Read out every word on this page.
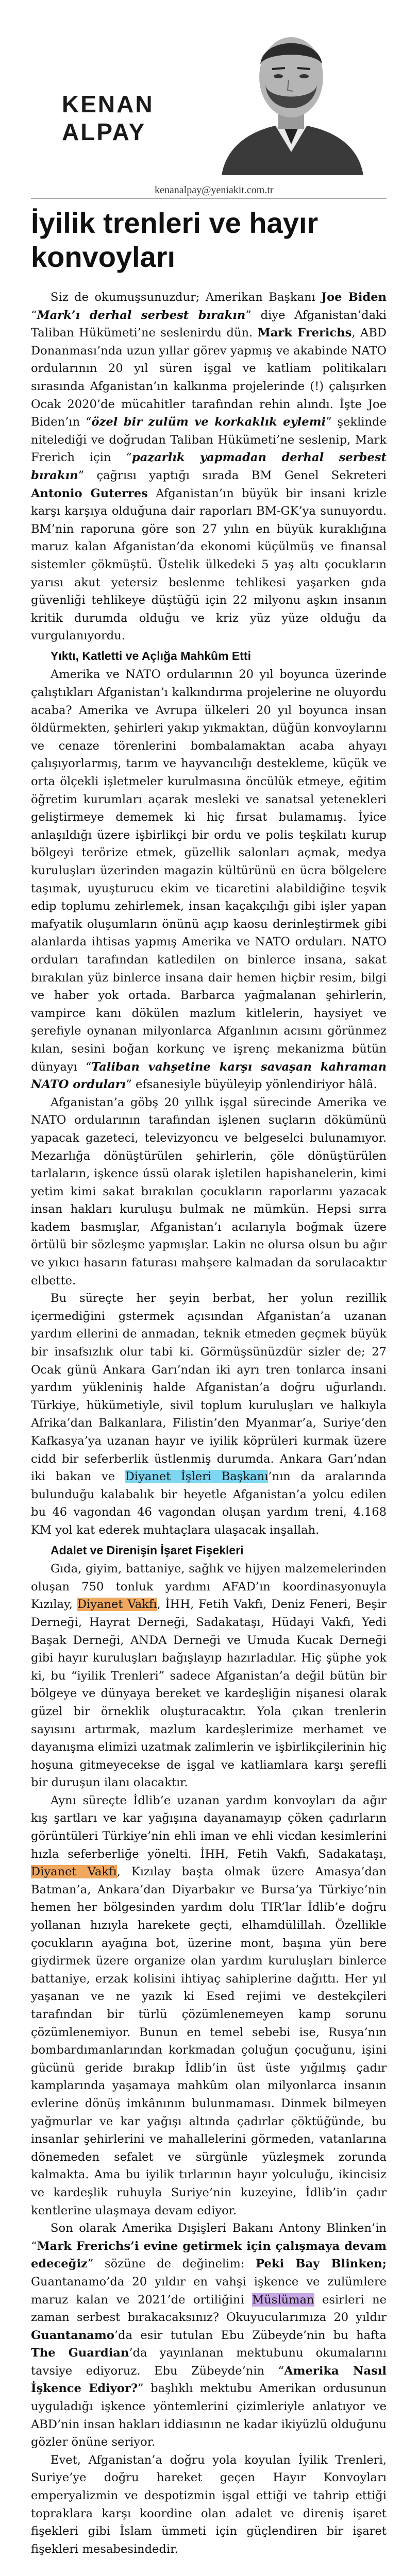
KENAN
ALPAY
kenanalpay@yeniakit.com.tr
İyilik trenleri ve hayır konvoyları

Siz de okumuşsunuzdur; Amerikan Başkanı Joe Biden “Mark’ı derhal serbest bırakın” diye Afganistan’daki Taliban Hükümeti’ne seslenirdu dün. Mark Frerichs, ABD Donanması’nda uzun yıllar görev yapmış ve akabinde NATO ordularının 20 yıl süren işgal ve katliam politikaları sırasında Afganistan’ın kalkınma projelerinde (!) çalışırken Ocak 2020’de mücahitler tarafından rehin alındı. İşte Joe Biden’ın “özel bir zulüm ve korkaklık eylemi” şeklinde nitelediği ve doğrudan Taliban Hükümeti’ne seslenip, Mark Frerich için “pazarlık yapmadan derhal serbest bırakın” çağrısı yaptığı sırada BM Genel Sekreteri Antonio Guterres Afganistan’ın büyük bir insani krizle karşı karşıya olduğuna dair raporları BM-GK’ya sunuyordu. BM’nin raporuna göre son 27 yılın en büyük kuraklığına maruz kalan Afganistan’da ekonomi küçülmüş ve finansal sistemler çökmüştü. Üstelik ülkedeki 5 yaş altı çocukların yarısı akut yetersiz beslenme tehlikesi yaşarken gıda güvenliği tehlikeye düştüğü için 22 milyonu aşkın insanın kritik durumda olduğu ve kriz yüz yüze olduğu da vurgulanıyordu.

Yıktı, Katletti ve Açlığa Mahkûm Etti

Amerika ve NATO ordularının 20 yıl boyunca üzerinde çalıştıkları Afganistan’ı kalkındırma projelerine ne oluyordu acaba? Amerika ve Avrupa ülkeleri 20 yıl boyunca insan öldürmekten, şehirleri yakıp yıkmaktan, düğün konvoylarını ve cenaze törenlerini bombalamaktan acaba ahyayı çalışıyorlarmış, tarım ve hayvancılığı destekleme, küçük ve orta ölçekli işletmeler kurulmasına öncülük etmeye, eğitim öğretim kurumları açarak mesleki ve sanatsal yetenekleri geliştirmeye dememek ki hiç fırsat bulamamış. İyice anlaşıldığı üzere işbirlikçi bir ordu ve polis teşkilatı kurup bölgeyi terörize etmek, güzellik salonları açmak, medya kuruluşları üzerinden magazin kültürünü en ücra bölgelere taşımak, uyuşturucu ekim ve ticaretini alabildiğine teşvik edip toplumu zehirlemek, insan kaçakçılığı gibi işler yapan mafyatik oluşumların önünü açıp kaosu derinleştirmek gibi alanlarda ihtisas yapmış Amerika ve NATO orduları. NATO orduları tarafından katledilen on binlerce insana, sakat bırakılan yüz binlerce insana dair hemen hiçbir resim, bilgi ve haber yok ortada. Barbarca yağmalanan şehirlerin, vampirce kanı dökülen mazlum kitlelerin, haysiyet ve şerefiyle oynanan milyonlarca Afganlının acısını görünmez kılan, sesini boğan korkunç ve işrenç mekanizma bütün dünyayı “Taliban vahşetine karşı savaşan kahraman NATO orduları” efsanesiyle büyüleyip yönlendiriyor hâlâ.

Afganistan’a göbş 20 yıllık işgal sürecinde Amerika ve NATO ordularının tarafından işlenen suçların dökümünü yapacak gazeteci, televizyoncu ve belgeselci bulunamıyor. Mezarlığa dönüştürülen şehirlerin, çöle dönüştürülen tarlaların, işkence ússü olarak işletilen hapishanelerin, kimi yetim kimi sakat bırakılan çocukların raporlarını yazacak insan hakları kuruluşu bulmak ne mümkün. Hepsi sırra kadem basmışlar, Afganistan’ı acılarıyla boğmak üzere örtülü bir sözleşme yapmışlar. Lakin ne olursa olsun bu ağır ve yıkıcı hasarın faturası mahşere kalmadan da sorulacaktır elbette.

Bu süreçte her şeyin berbat, her yolun rezillik içermediğini gstermek açısından Afganistan’a uzanan yardım ellerini de anmadan, teknik etmeden geçmek büyük bir insafsızlık olur tabi ki. Görmüşsünüzdür sizler de; 27 Ocak günü Ankara Garı’ndan iki ayrı tren tonlarca insani yardım yükleniniş halde Afganistan’a doğru uğurlandı. Türkiye, hükümetiyle, sivil toplum kuruluşları ve halkıyla Afrika’dan Balkanlara, Filistin’den Myanmar’a, Suriye’den Kafkasya’ya uzanan hayır ve iyilik köprüleri kurmak üzere cidd bir seferberlik üstlenmiş durumda. Ankara Garı’ndan iki bakan ve Diyanet İşleri Başkanı’nın da aralarında bulunduğu kalabalık bir heyetle Afganistan’a yolcu edilen bu 46 vagondan 46 vagondan oluşan yardım treni, 4.168 KM yol kat ederek muhtaçlara ulaşacak inşallah.

Adalet ve Direnişin İşaret Fişekleri

Gıda, giyim, battaniye, sağlık ve hijyen malzemelerinden oluşan 750 tonluk yardımı AFAD’ın koordinasyonuyla Kızılay, Diyanet Vakfı, İHH, Fetih Vakfı, Deniz Feneri, Beşir Derneği, Hayrat Derneği, Sadakataşı, Hüdayi Vakfı, Yedi Başak Derneği, ANDA Derneği ve Umuda Kucak Derneği gibi hayır kuruluşları bağışlayıp hazırladılar. Hiç şüphe yok ki, bu “iyilik Trenleri” sadece Afganistan’a değil bütün bir bölgeye ve dünyaya bereket ve kardeşliğin nişanesi olarak güzel bir örneklik oluşturacaktır. Yola çıkan trenlerin sayısını artırmak, mazlum kardeşlerimize merhamet ve dayanışma elimizi uzatmak zalimlerin ve işbirlikçilerinin hiç hoşuna gitmeyecekse de işgal ve katliamlara karşı şerefli bir duruşun ilanı olacaktır.

Aynı süreçte İdlib’e uzanan yardım konvoyları da ağır kış şartları ve kar yağışına dayanamayıp çöken çadırların görüntüleri Türkiye’nin ehli iman ve ehli vicdan kesimlerini hızla seferberliğe yönelti. İHH, Fetih Vakfı, Sadakataşı, Diyanet Vakfı, Kızılay başta olmak üzere Amasya’dan Batman’a, Ankara’dan Diyarbakır ve Bursa’ya Türkiye’nin hemen her bölgesinden yardım dolu TIR’lar İdlib’e doğru yollanan hızıyla harekete geçti, elhamdülillah. Özellikle çocukların ayağına bot, üzerine mont, başına yün bere giydirmek üzere organize olan yardım kuruluşları binlerce battaniye, erzak kolisini ihtiyaç sahiplerine dağıttı. Her yıl yaşanan ve ne yazık ki Esed rejimi ve destekçileri tarafından bir türlü çözümlenemeyen kamp sorunu çözümlenemiyor. Bunun en temel sebebi ise, Rusya’nın bombardımanlarından korkmadan çoluğun çocuğunu, işini gücünü geride bırakıp İdlib’in üst üste yığılmış çadır kamplarında yaşamaya mahkûm olan milyonlarca insanın evlerine dönüş imkânının bulunmaması. Dinmek bilmeyen yağmurlar ve kar yağışı altında çadırlar çöktüğünde, bu insanlar şehirlerini ve mahallelerini görmeden, vatanlarına dönemeden sefalet ve sürgünle yüzleşmek zorunda kalmakta. Ama bu iyilik tırlarının hayır yolculuğu, ikincisiz ve kardeşlik ruhuyla Suriye’nin kuzeyine, İdlib’in çadır kentlerine ulaşmaya devam ediyor.

Son olarak Amerika Dışişleri Bakanı Antony Blinken’in “Mark Frerichs’i evine getirmek için çalışmaya devam edeceğiz” sözüne de değinelim: Peki Bay Blinken; Guantanamo’da 20 yıldır en vahşi işkence ve zulümlere maruz kalan ve 2021’de ortiliğini Müslüman esirleri ne zaman serbest bırakacaksınız? Okuyucularımıza 20 yıldır Guantanamo’da esir tutulan Ebu Zübeyde’nin bu hafta The Guardian’da yayınlanan mektubunu okumalarını tavsiye ediyoruz. Ebu Zübeyde’nin “Amerika Nasıl İşkence Ediyor?” başlıklı mektubu Amerikan ordusunun uyguladığı işkence yöntemlerini çizimleriyle anlatıyor ve ABD’nin insan hakları iddiasının ne kadar ikiyüzlü olduğunu gözler önüne seriyor.

Evet, Afganistan’a doğru yola koyulan İyilik Trenleri, Suriye’ye doğru hareket geçen Hayır Konvoyları emperyalizmin ve despotizmin işgal ettiği ve tahrip ettiği topraklara karşı koordine olan adalet ve direniş işaret fişekleri gibi İslam ümmeti için güçlendiren bir işaret fişekleri mesabesindedir.
